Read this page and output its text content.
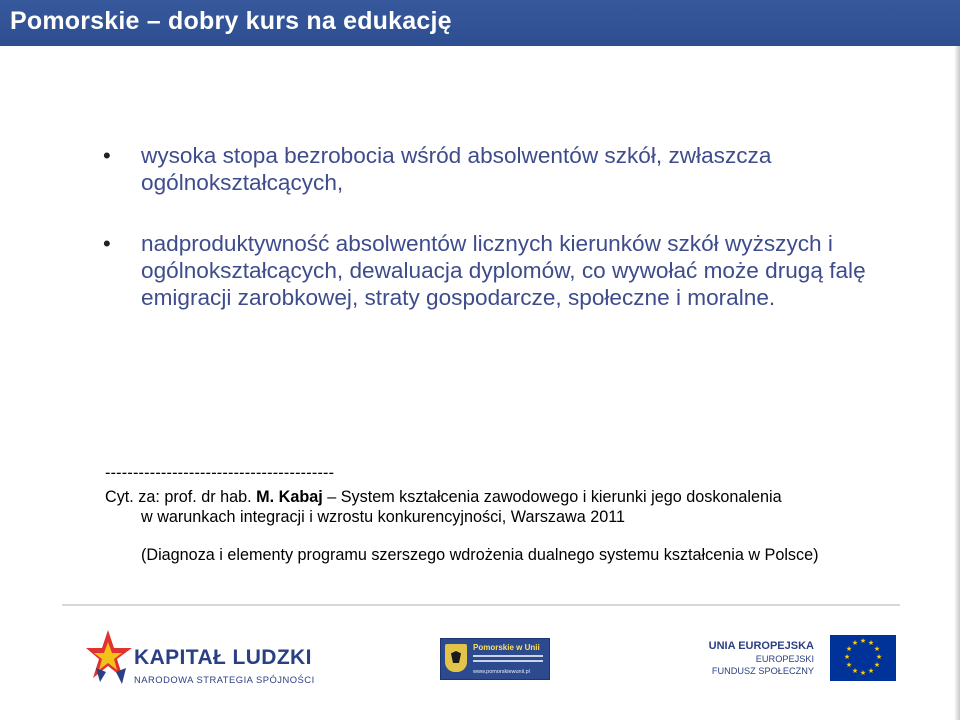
Pomorskie – dobry kurs na edukację
• wysoka stopa bezrobocia wśród absolwentów szkół, zwłaszcza ogólnokształcących,
• nadproduktywność absolwentów licznych kierunków szkół wyższych i ogólnokształcących, dewaluacja dyplomów, co wywołać może drugą falę emigracji zarobkowej, straty gospodarcze, społeczne i moralne.
-----------------------------------------
Cyt. za: prof. dr hab. M. Kabaj – System kształcenia zawodowego i kierunki jego doskonalenia
w warunkach integracji i wzrostu konkurencyjności, Warszawa 2011
(Diagnoza i elementy programu szerszego wdrożenia dualnego systemu kształcenia w Polsce)
KAPITAŁ LUDZKI
NARODOWA STRATEGIA SPÓJNOŚCI
Pomorskie w Unii
www.pomorskiewunii.pl
UNIA EUROPEJSKA
EUROPEJSKI
FUNDUSZ SPOŁECZNY
★ ★
★
★
★
★
★
★
★
★
★
★
